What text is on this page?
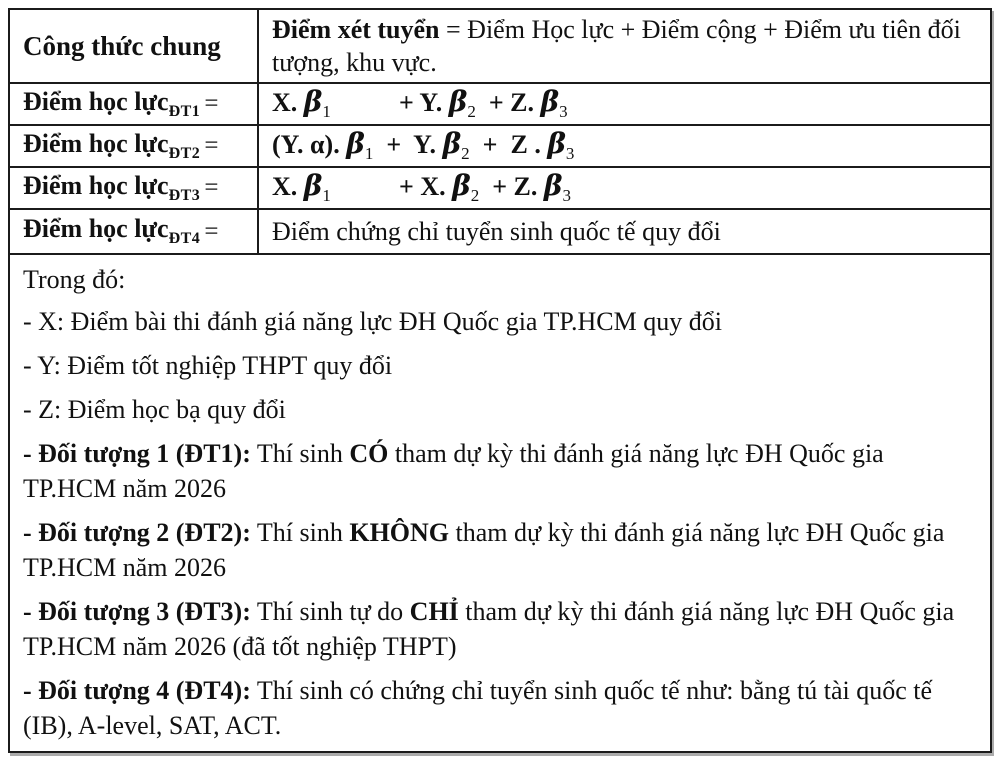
Công thức chung
Điểm xét tuyển = Điểm Học lực + Điểm cộng + Điểm ưu tiên đối tượng, khu vực.
Điểm học lực$_{ĐT1}$ = X. $\beta_1$	+ Y. $\beta_2 + Z$. $\beta_3$
Điểm học lực$_{ĐT2}$ = (Y. α). $\beta_1 + Y$. $\beta_2 + Z$ . $\beta_3$
Điểm học lực$_{ĐT3}$ = X. $\beta_1$	+ X. $\beta_2 + Z$. $\beta_3$
Điểm học lực$_{ĐT4}$ = Điểm chứng chỉ tuyển sinh quốc tế quy đổi
Trong đó:
- X: Điểm bài thi đánh giá năng lực ĐH Quốc gia TP.HCM quy đổi
- Y: Điểm tốt nghiệp THPT quy đổi
- Z: Điểm học bạ quy đổi
- Đối tượng 1 (ĐT1): Thí sinh CÓ tham dự kỳ thi đánh giá năng lực ĐH Quốc gia TP.HCM năm 2026
- Đối tượng 2 (ĐT2): Thí sinh KHÔNG tham dự kỳ thi đánh giá năng lực ĐH Quốc gia TP.HCM năm 2026
- Đối tượng 3 (ĐT3): Thí sinh tự do CHỈ tham dự kỳ thi đánh giá năng lực ĐH Quốc gia TP.HCM năm 2026 (đã tốt nghiệp THPT)
- Đối tượng 4 (ĐT4): Thí sinh có chứng chỉ tuyển sinh quốc tế như: bằng tú tài quốc tế (IB), A-level, SAT, ACT.
